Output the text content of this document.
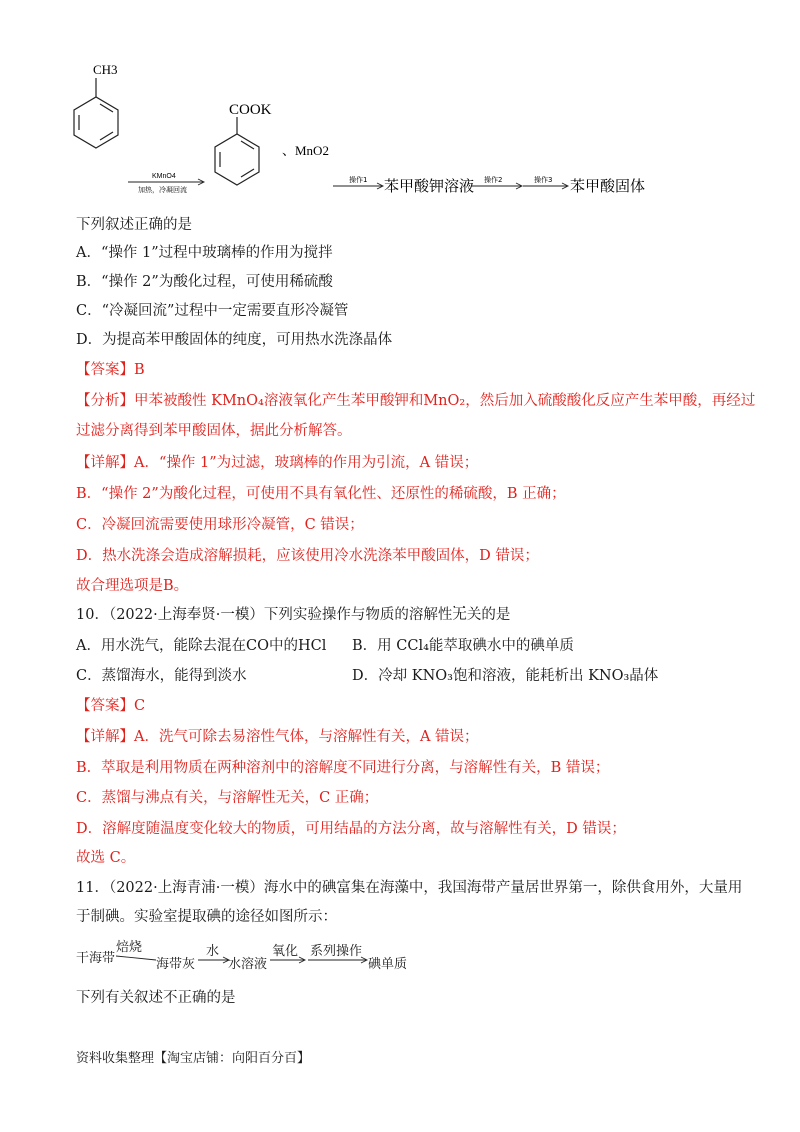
CH3
KMnO4
加热，冷凝回流
COOK
、MnO2
操作1 苯甲酸钾溶液 操作2	操作3 苯甲酸固体
下列叙述正确的是
A．“操作 1”过程中玻璃棒的作用为搅拌
B．“操作 2”为酸化过程，可使用稀硫酸
C．“冷凝回流”过程中一定需要直形冷凝管
D．为提高苯甲酸固体的纯度，可用热水洗涤晶体
【答案】B
【分析】甲苯被酸性 KMnO₄溶液氧化产生苯甲酸钾和MnO₂，然后加入硫酸酸化反应产生苯甲酸，再经过
过滤分离得到苯甲酸固体，据此分析解答。
【详解】A．“操作 1”为过滤，玻璃棒的作用为引流，A 错误；
B．“操作 2”为酸化过程，可使用不具有氧化性、还原性的稀硫酸，B 正确；
C．冷凝回流需要使用球形冷凝管，C 错误；
D．热水洗涤会造成溶解损耗，应该使用冷水洗涤苯甲酸固体，D 错误；
故合理选项是B。
10．（2022·上海奉贤·一模）下列实验操作与物质的溶解性· · 无关的是
A．用水洗气，能除去混在CO中的HCl B．用 CCl₄能萃取碘水中的碘单质
C．蒸馏海水，能得到淡水	D．冷却 KNO₃饱和溶液，能耗析出 KNO₃晶体
【答案】C
【详解】A．洗气可除去易溶性气体，与溶解性有关，A 错误；
B．萃取是利用物质在两种溶剂中的溶解度不同进行分离，与溶解性有关，B 错误；
C．蒸馏与沸点有关，与溶解性无关，C 正确；
D．溶解度随温度变化较大的物质，可用结晶的方法分离，故与溶解性有关，D 错误；
故选 C。
11．（2022·上海青浦·一模）海水中的碘富集在海藻中，我国海带产量居世界第一，除供食用外，大量用
于制碘。实验室提取碘的途径如图所示：
干海带
焙烧
海带灰
水
水溶液
氧化 系列操作
碘单质
下列有关叙述不正确的是
资料收集整理【淘宝店铺：向阳百分百】
